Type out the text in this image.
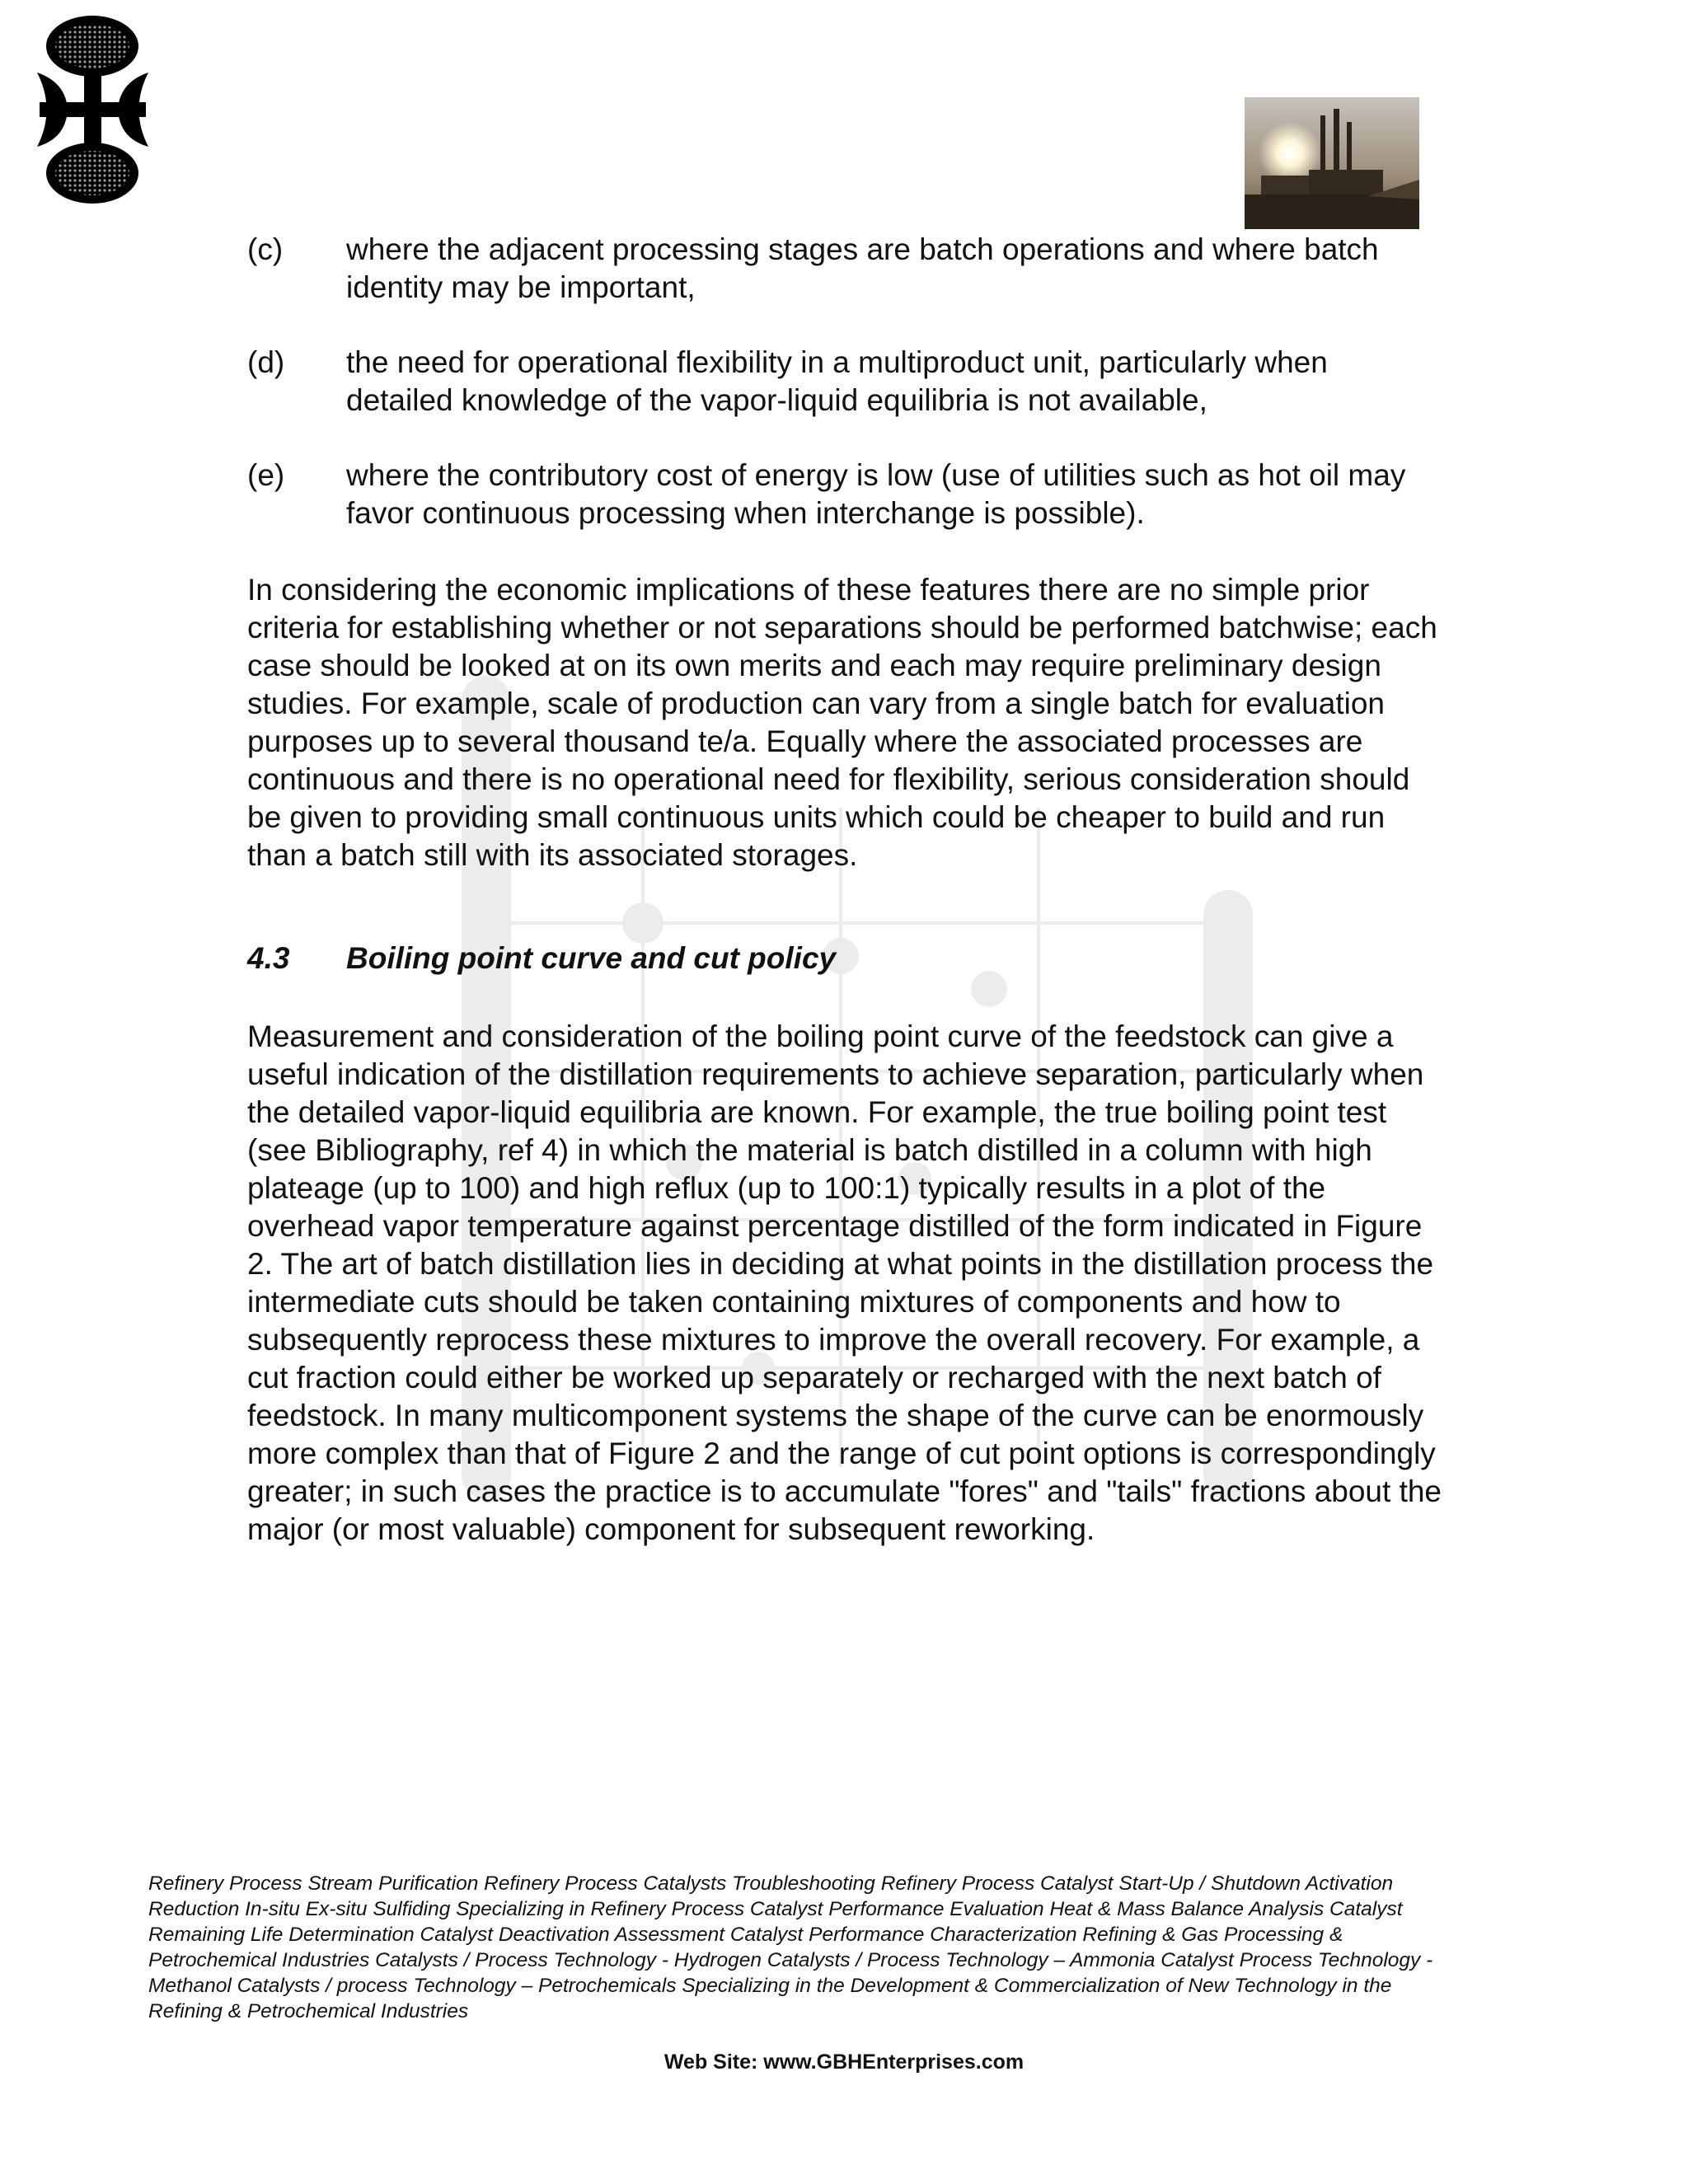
(c) where the adjacent processing stages are batch operations and where batch identity may be important,
(d) the need for operational flexibility in a multiproduct unit, particularly when detailed knowledge of the vapor-liquid equilibria is not available,
(e) where the contributory cost of energy is low (use of utilities such as hot oil may favor continuous processing when interchange is possible).

In considering the economic implications of these features there are no simple prior criteria for establishing whether or not separations should be performed batchwise; each case should be looked at on its own merits and each may require preliminary design studies. For example, scale of production can vary from a single batch for evaluation purposes up to several thousand te/a. Equally where the associated processes are continuous and there is no operational need for flexibility, serious consideration should be given to providing small continuous units which could be cheaper to build and run than a batch still with its associated storages.

4.3 Boiling point curve and cut policy

Measurement and consideration of the boiling point curve of the feedstock can give a useful indication of the distillation requirements to achieve separation, particularly when the detailed vapor-liquid equilibria are known. For example, the true boiling point test (see Bibliography, ref 4) in which the material is batch distilled in a column with high plateage (up to 100) and high reflux (up to 100:1) typically results in a plot of the overhead vapor temperature against percentage distilled of the form indicated in Figure 2. The art of batch distillation lies in deciding at what points in the distillation process the intermediate cuts should be taken containing mixtures of components and how to subsequently reprocess these mixtures to improve the overall recovery. For example, a cut fraction could either be worked up separately or recharged with the next batch of feedstock. In many multicomponent systems the shape of the curve can be enormously more complex than that of Figure 2 and the range of cut point options is correspondingly greater; in such cases the practice is to accumulate "fores" and "tails" fractions about the major (or most valuable) component for subsequent reworking.

Refinery Process Stream Purification Refinery Process Catalysts Troubleshooting Refinery Process Catalyst Start-Up / Shutdown Activation Reduction In-situ Ex-situ Sulfiding Specializing in Refinery Process Catalyst Performance Evaluation Heat & Mass Balance Analysis Catalyst Remaining Life Determination Catalyst Deactivation Assessment Catalyst Performance Characterization Refining & Gas Processing & Petrochemical Industries Catalysts / Process Technology - Hydrogen Catalysts / Process Technology – Ammonia Catalyst Process Technology - Methanol Catalysts / process Technology – Petrochemicals Specializing in the Development & Commercialization of New Technology in the Refining & Petrochemical Industries

Web Site: www.GBHEnterprises.com
